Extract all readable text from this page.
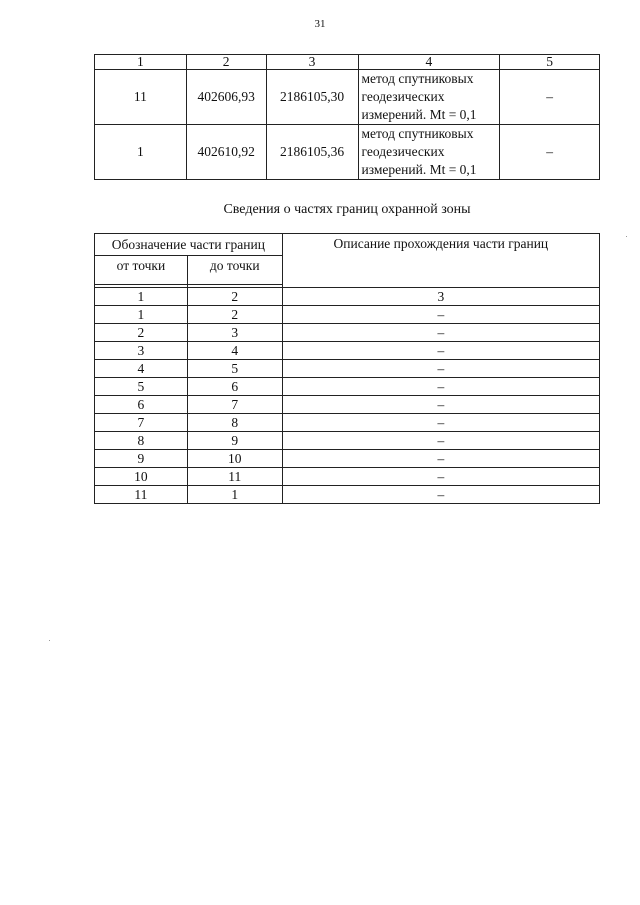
31
1	2	3	4	5
11	402606,93	2186105,30	метод спутниковых
геодезических
измерений. Mt = 0,1	–
1	402610,92	2186105,36	метод спутниковых
геодезических
измерений. Mt = 0,1	–
Сведения о частях границ охранной зоны
Обозначение части границ		Описание прохождения части границ
от точки	до точки	

1	2	3
1	2	–
2	3	–
3	4	–
4	5	–
5	6	–
6	7	–
7	8	–
8	9	–
9	10	–
10	11	–
11	1	–
